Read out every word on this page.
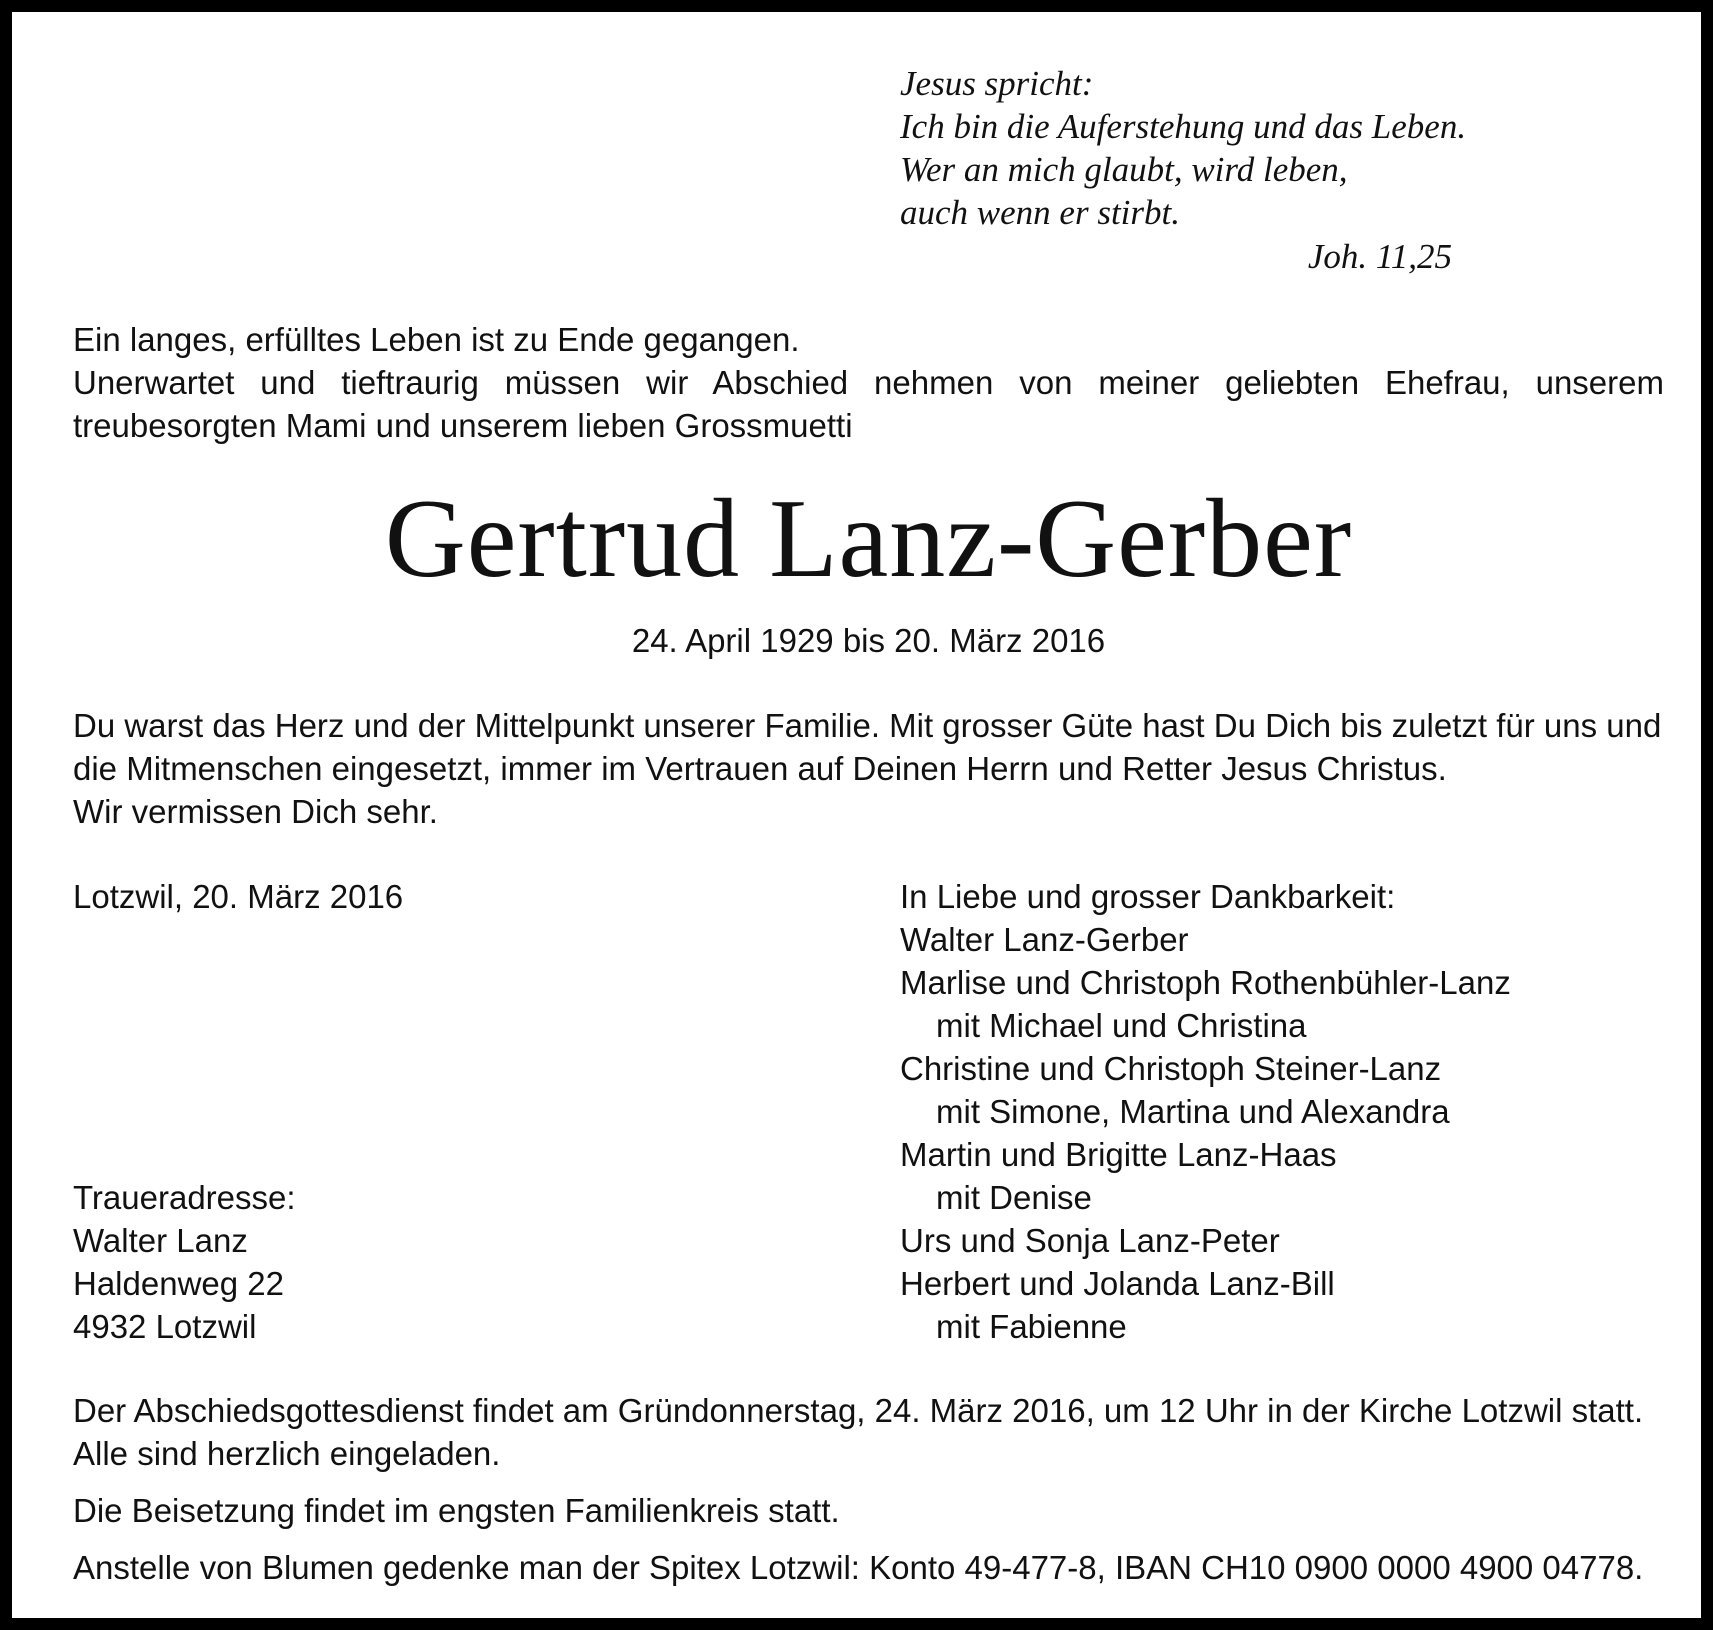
Jesus spricht:
Ich bin die Auferstehung und das Leben.
Wer an mich glaubt, wird leben,
auch wenn er stirbt.
Joh. 11,25
Ein langes, erfülltes Leben ist zu Ende gegangen.
Unerwartet und tieftraurig müssen wir Abschied nehmen von meiner geliebten Ehefrau, unserem
treubesorgten Mami und unserem lieben Grossmuetti
Gertrud Lanz-Gerber
24. April 1929 bis 20. März 2016
Du warst das Herz und der Mittelpunkt unserer Familie. Mit grosser Güte hast Du Dich bis zuletzt für uns und
die Mitmenschen eingesetzt, immer im Vertrauen auf Deinen Herrn und Retter Jesus Christus.
Wir vermissen Dich sehr.
Lotzwil, 20. März 2016	In Liebe und grosser Dankbarkeit:
Walter Lanz-Gerber
Marlise und Christoph Rothenbühler-Lanz
mit Michael und Christina
Christine und Christoph Steiner-Lanz
mit Simone, Martina und Alexandra
Martin und Brigitte Lanz-Haas
mit Denise
Urs und Sonja Lanz-Peter
Herbert und Jolanda Lanz-Bill
mit Fabienne
Traueradresse:
Walter Lanz
Haldenweg 22
4932 Lotzwil
Der Abschiedsgottesdienst findet am Gründonnerstag, 24. März 2016, um 12 Uhr in der Kirche Lotzwil statt.
Alle sind herzlich eingeladen.
Die Beisetzung findet im engsten Familienkreis statt.
Anstelle von Blumen gedenke man der Spitex Lotzwil: Konto 49-477-8, IBAN CH10 0900 0000 4900 04778.
